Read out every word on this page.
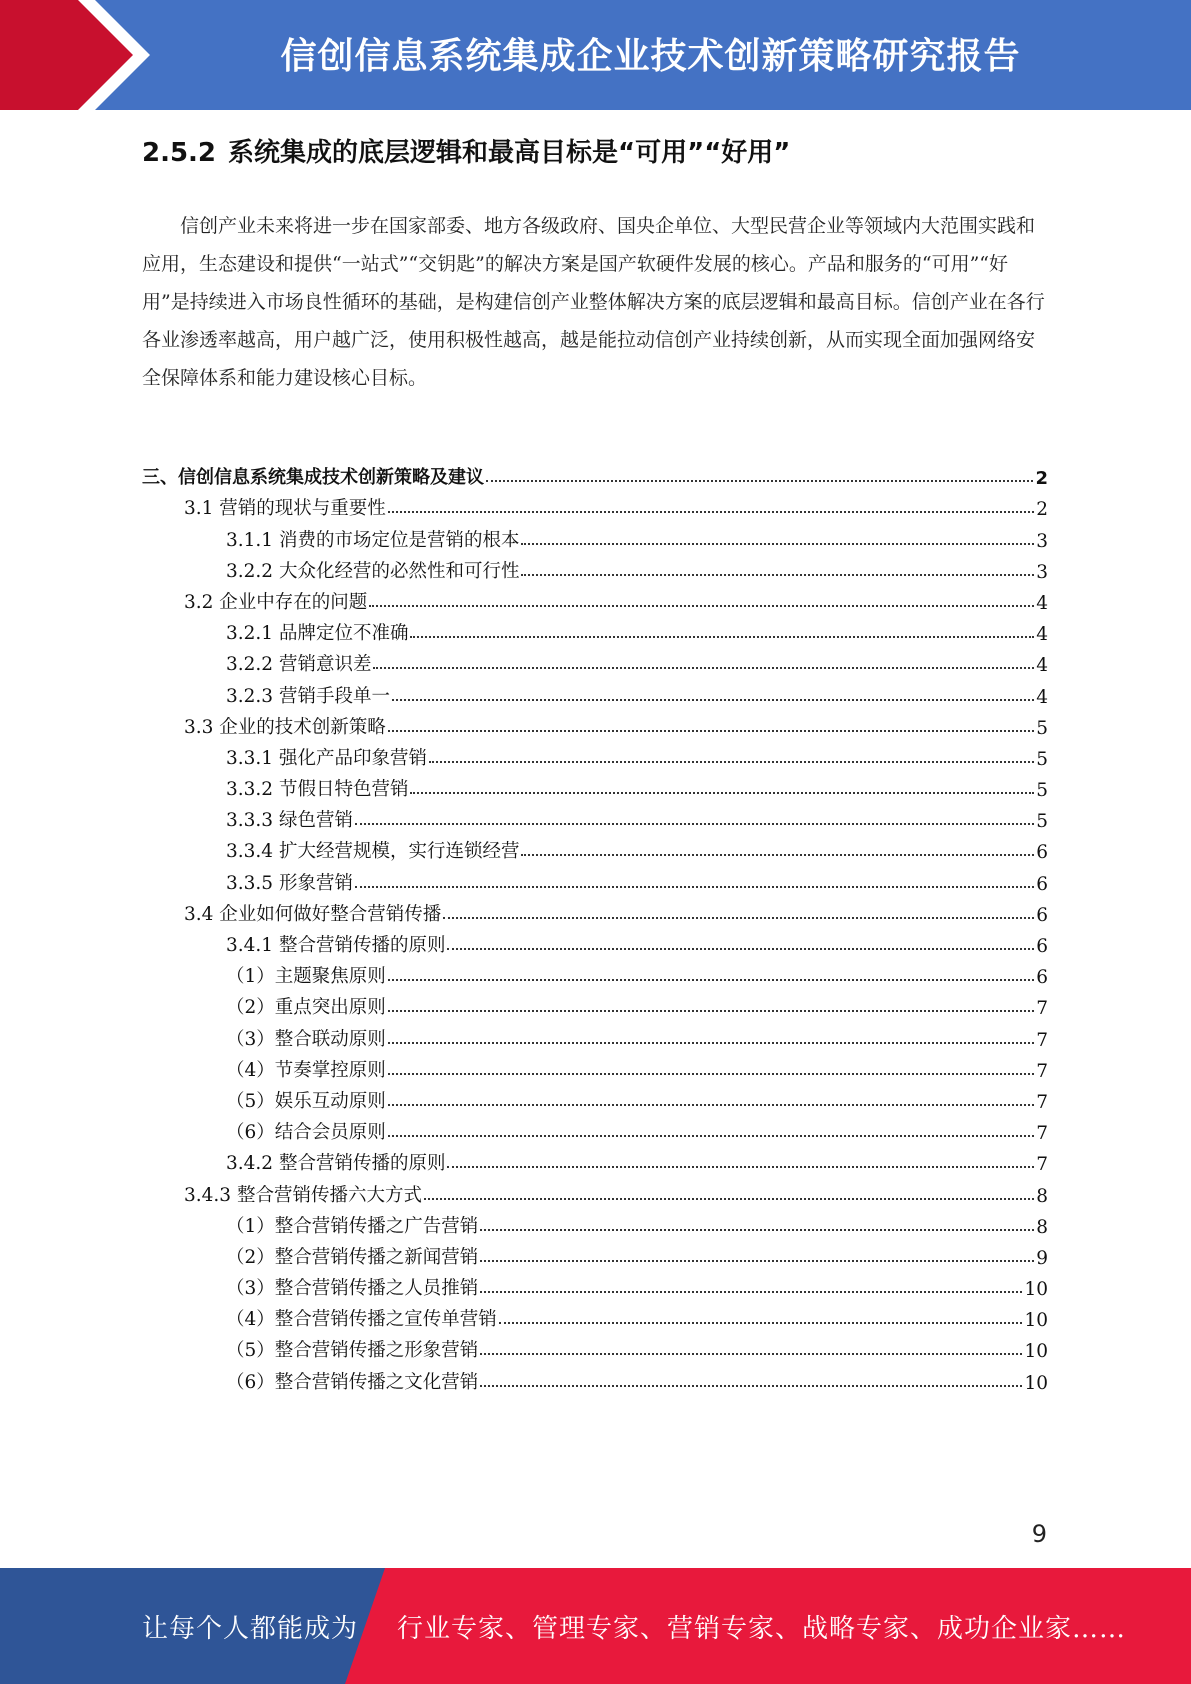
信创信息系统集成企业技术创新策略研究报告
2.5.2 系统集成的底层逻辑和最高目标是“可用”“好用”
信创产业未来将进一步在国家部委、地方各级政府、国央企单位、大型民营企业等领域内大范围实践和应用，生态建设和提供“一站式”“交钥匙”的解决方案是国产软硬件发展的核心。产品和服务的“可用”“好用”是持续进入市场良性循环的基础，是构建信创产业整体解决方案的底层逻辑和最高目标。信创产业在各行各业渗透率越高，用户越广泛，使用积极性越高，越是能拉动信创产业持续创新，从而实现全面加强网络安全保障体系和能力建设核心目标。
三、信创信息系统集成技术创新策略及建议	2
3.1 营销的现状与重要性	2
3.1.1 消费的市场定位是营销的根本	3
3.2.2 大众化经营的必然性和可行性	3
3.2 企业中存在的问题	4
3.2.1 品牌定位不准确	4
3.2.2 营销意识差	4
3.2.3 营销手段单一	4
3.3 企业的技术创新策略	5
3.3.1 强化产品印象营销	5
3.3.2 节假日特色营销	5
3.3.3 绿色营销	5
3.3.4 扩大经营规模，实行连锁经营	6
3.3.5 形象营销	6
3.4 企业如何做好整合营销传播	6
3.4.1 整合营销传播的原则	6
（1）主题聚焦原则	6
（2）重点突出原则	7
（3）整合联动原则	7
（4）节奏掌控原则	7
（5）娱乐互动原则	7
（6）结合会员原则	7
3.4.2 整合营销传播的原则	7
3.4.3 整合营销传播六大方式	8
（1）整合营销传播之广告营销	8
（2）整合营销传播之新闻营销	9
（3）整合营销传播之人员推销	10
（4）整合营销传播之宣传单营销	10
（5）整合营销传播之形象营销	10
（6）整合营销传播之文化营销	10
9
让每个人都能成为 行业专家、管理专家、营销专家、战略专家、成功企业家……
